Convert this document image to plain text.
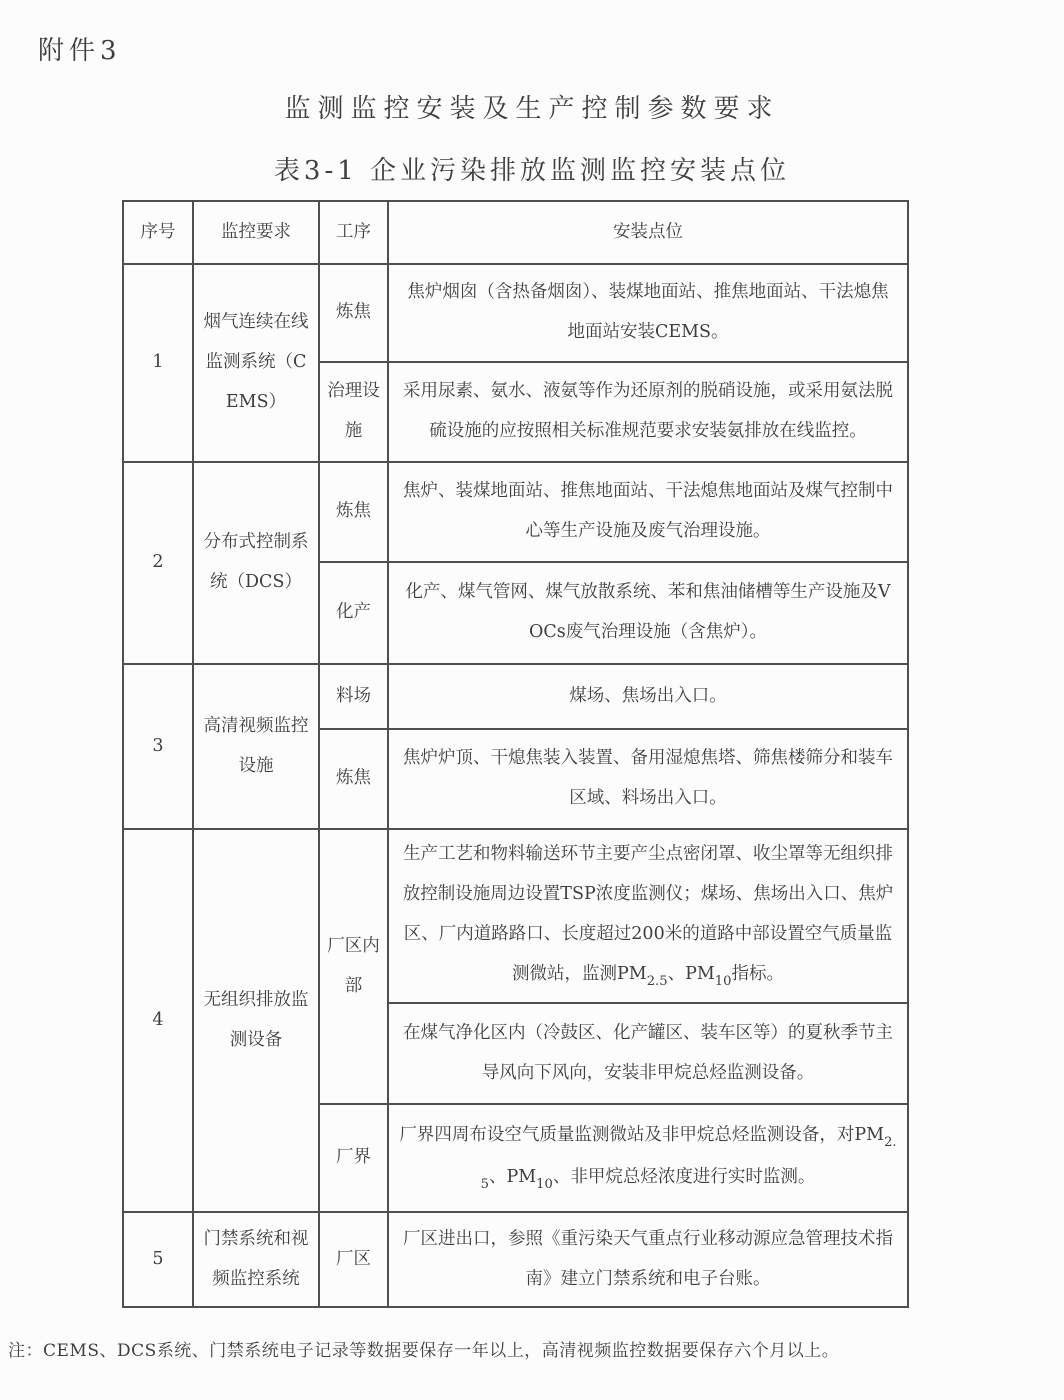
附件3
监测监控安装及生产控制参数要求
表3-1 企业污染排放监测监控安装点位
序号	监控要求	工序	安装点位
1	烟气连续在线监测系统（CEMS）	炼焦	焦炉烟囱（含热备烟囱）、装煤地面站、推焦地面站、干法熄焦地面站安装CEMS。
		治理设施	采用尿素、氨水、液氨等作为还原剂的脱硝设施，或采用氨法脱硫设施的应按照相关标准规范要求安装氨排放在线监控。
2	分布式控制系统（DCS）	炼焦	焦炉、装煤地面站、推焦地面站、干法熄焦地面站及煤气控制中心等生产设施及废气治理设施。
		化产	化产、煤气管网、煤气放散系统、苯和焦油储槽等生产设施及VOCs废气治理设施（含焦炉）。
3	高清视频监控设施	料场	煤场、焦场出入口。
		炼焦	焦炉炉顶、干熄焦装入装置、备用湿熄焦塔、筛焦楼筛分和装车区域、料场出入口。
4	无组织排放监测设备	厂区内部	生产工艺和物料输送环节主要产尘点密闭罩、收尘罩等无组织排放控制设施周边设置TSP浓度监测仪；煤场、焦场出入口、焦炉区、厂内道路路口、长度超过200米的道路中部设置空气质量监测微站，监测$PM_{2.5}$、$PM_{10}$指标。
			在煤气净化区内（冷鼓区、化产罐区、装车区等）的夏秋季节主导风向下风向，安装非甲烷总烃监测设备。
		厂界	厂界四周布设空气质量监测微站及非甲烷总烃监测设备，对$PM_{2.5}$、$PM_{10}$、非甲烷总烃浓度进行实时监测。
5	门禁系统和视频监控系统	厂区	厂区进出口，参照《重污染天气重点行业移动源应急管理技术指南》建立门禁系统和电子台账。
注：CEMS、DCS系统、门禁系统电子记录等数据要保存一年以上，高清视频监控数据要保存六个月以上。
